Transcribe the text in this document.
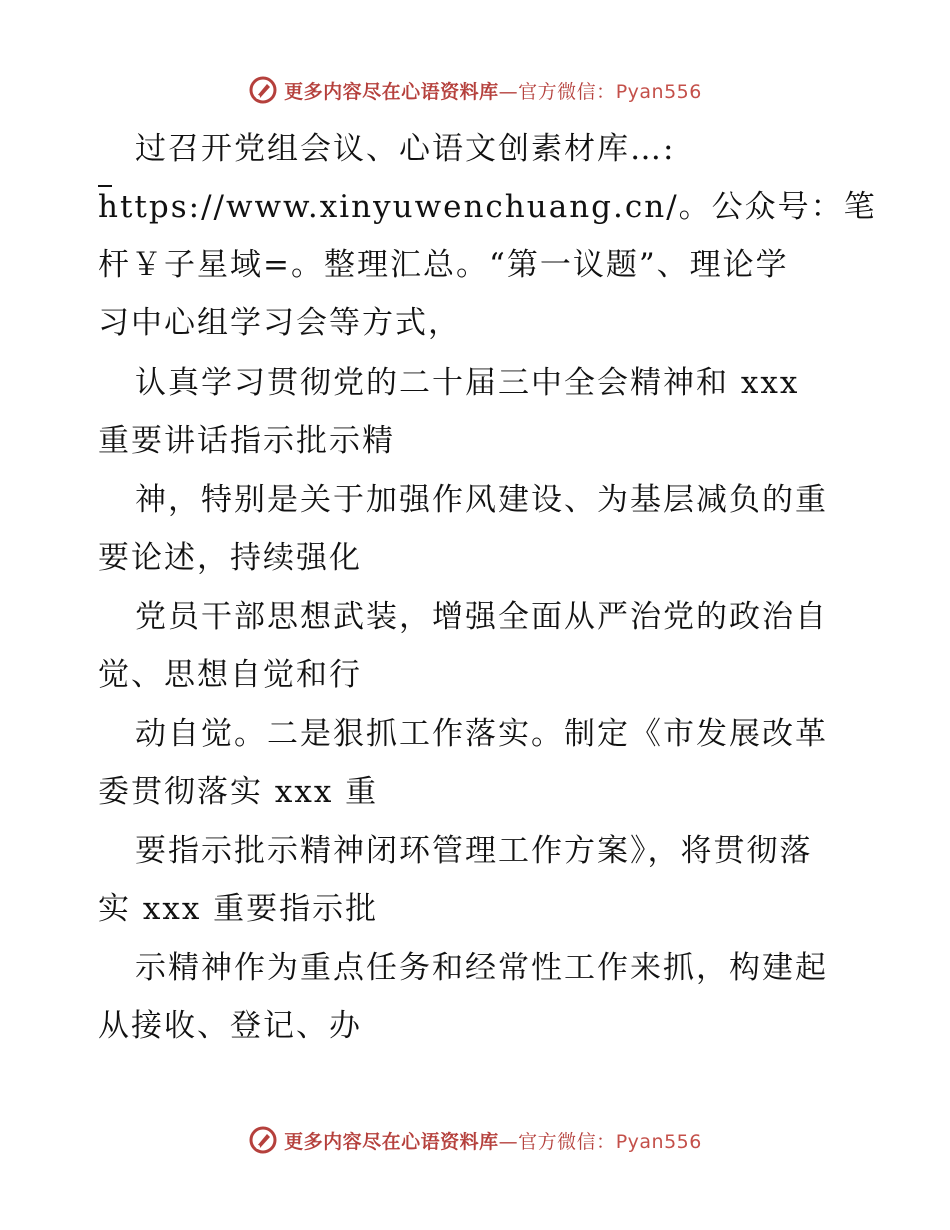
更多内容尽在心语资料库—官方微信：Pyan556
过召开党组会议、心语文创素材库…:
https://www.xinyuwenchuang.cn/。公众号：笔
杆￥子星域=。整理汇总。“第一议题”、理论学
习中心组学习会等方式，
认真学习贯彻党的二十届三中全会精神和 xxx
重要讲话指示批示精
神，特别是关于加强作风建设、为基层减负的重
要论述，持续强化
党员干部思想武装，增强全面从严治党的政治自
觉、思想自觉和行
动自觉。二是狠抓工作落实。制定《市发展改革
委贯彻落实 xxx 重
要指示批示精神闭环管理工作方案》，将贯彻落
实 xxx 重要指示批
示精神作为重点任务和经常性工作来抓，构建起
从接收、登记、办
更多内容尽在心语资料库—官方微信：Pyan556
